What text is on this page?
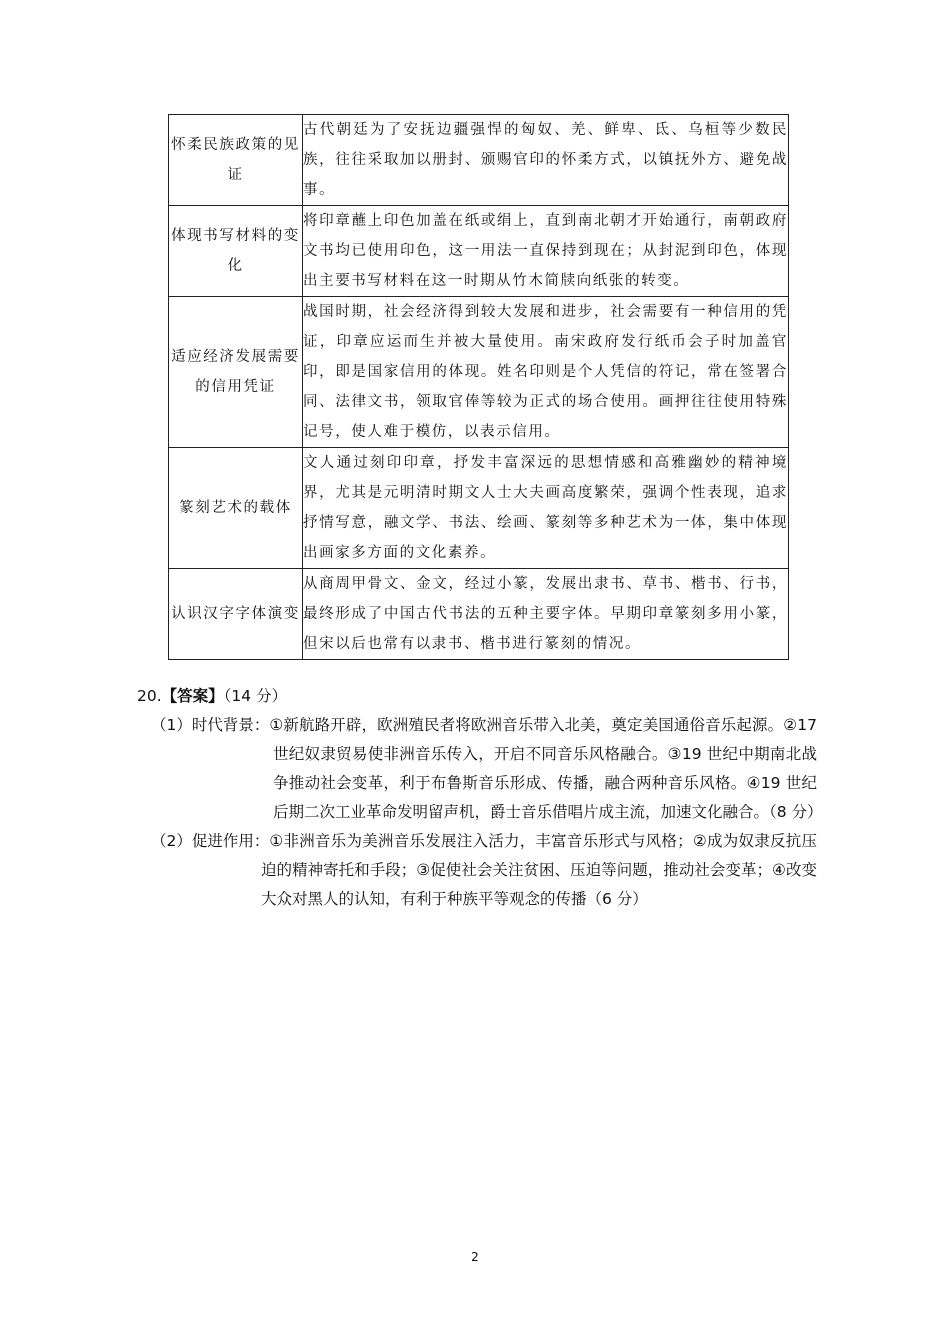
怀柔民族政策的见证	古代朝廷为了安抚边疆强悍的匈奴、羌、鲜卑、氐、乌桓等少数民族，往往采取加以册封、颁赐官印的怀柔方式，以镇抚外方、避免战事。
体现书写材料的变化	将印章蘸上印色加盖在纸或绢上，直到南北朝才开始通行，南朝政府文书均已使用印色，这一用法一直保持到现在；从封泥到印色，体现出主要书写材料在这一时期从竹木简牍向纸张的转变。
适应经济发展需要的信用凭证	战国时期，社会经济得到较大发展和进步，社会需要有一种信用的凭证，印章应运而生并被大量使用。南宋政府发行纸币会子时加盖官印，即是国家信用的体现。姓名印则是个人凭信的符记，常在签署合同、法律文书，领取官俸等较为正式的场合使用。画押往往使用特殊记号，使人难于模仿，以表示信用。
篆刻艺术的载体	文人通过刻印印章，抒发丰富深远的思想情感和高雅幽妙的精神境界，尤其是元明清时期文人士大夫画高度繁荣，强调个性表现，追求抒情写意，融文学、书法、绘画、篆刻等多种艺术为一体，集中体现出画家多方面的文化素养。
认识汉字字体演变	从商周甲骨文、金文，经过小篆，发展出隶书、草书、楷书、行书，最终形成了中国古代书法的五种主要字体。早期印章篆刻多用小篆，但宋以后也常有以隶书、楷书进行篆刻的情况。

20.【答案】（14 分）

（1）时代背景： ①新航路开辟，欧洲殖民者将欧洲音乐带入北美，奠定美国通俗音乐起源。②17 世纪奴隶贸易使非洲音乐传入，开启不同音乐风格融合。③19 世纪中期南北战争推动社会变革，利于布鲁斯音乐形成、传播，融合两种音乐风格。④19 世纪后期二次工业革命发明留声机，爵士音乐借唱片成主流，加速文化融合。（8 分）
（2）促进作用： ①非洲音乐为美洲音乐发展注入活力，丰富音乐形式与风格；②成为奴隶反抗压迫的精神寄托和手段；③促使社会关注贫困、压迫等问题，推动社会变革；④改变大众对黑人的认知，有利于种族平等观念的传播（6 分）
2
